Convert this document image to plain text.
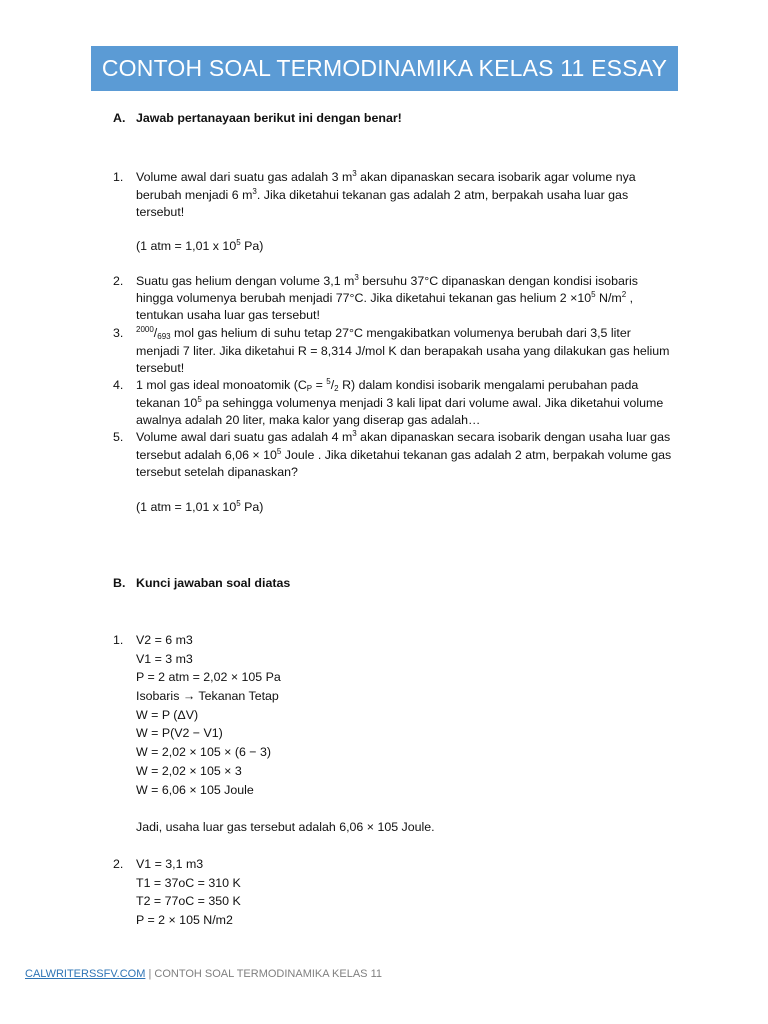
CONTOH SOAL TERMODINAMIKA KELAS 11 ESSAY
A. Jawab pertanayaan berikut ini dengan benar!
1. Volume awal dari suatu gas adalah 3 $m^3$ akan dipanaskan secara isobarik agar volume nya
berubah menjadi 6 $m^3$. Jika diketahui tekanan gas adalah 2 atm, berpakah usaha luar gas
tersebut!
(1 atm = 1,01 x $10^5$ Pa)
2. Suatu gas helium dengan volume 3,1 $m^3$ bersuhu 37°C dipanaskan dengan kondisi isobaris
hingga volumenya berubah menjadi 77°C. Jika diketahui tekanan gas helium $2 \times 10^5$ $N/m^2$ ,
tentukan usaha luar gas tersebut!
3. $^{2000}/_{693}$ mol gas helium di suhu tetap 27°C mengakibatkan volumenya berubah dari 3,5 liter
menjadi 7 liter. Jika diketahui R = 8,314 J/mol K dan berapakah usaha yang dilakukan gas helium
tersebut!
4. 1 mol gas ideal monoatomik ($C_P = ^5/_2$ R) dalam kondisi isobarik mengalami perubahan pada
tekanan $10^5$ pa sehingga volumenya menjadi 3 kali lipat dari volume awal. Jika diketahui volume
awalnya adalah 20 liter, maka kalor yang diserap gas adalah…
5. Volume awal dari suatu gas adalah 4 $m^3$ akan dipanaskan secara isobarik dengan usaha luar gas
tersebut adalah $6,06 \times 10^5$ Joule . Jika diketahui tekanan gas adalah 2 atm, berpakah volume gas
tersebut setelah dipanaskan?
(1 atm = 1,01 x $10^5$ Pa)
B. Kunci jawaban soal diatas
1. V2 = 6 m3
V1 = 3 m3
P = 2 atm = 2,02 × 105 Pa
Isobaris → Tekanan Tetap
W = P (ΔV)
W = P(V2 − V1)
W = 2,02 × 105 × (6 − 3)
W = 2,02 × 105 × 3
W = 6,06 × 105 Joule
Jadi, usaha luar gas tersebut adalah 6,06 × 105 Joule.
2. V1 = 3,1 m3
T1 = 37oC = 310 K
T2 = 77oC = 350 K
P = 2 × 105 N/m2
CALWRITERSSFV.COM | CONTOH SOAL TERMODINAMIKA KELAS 11
